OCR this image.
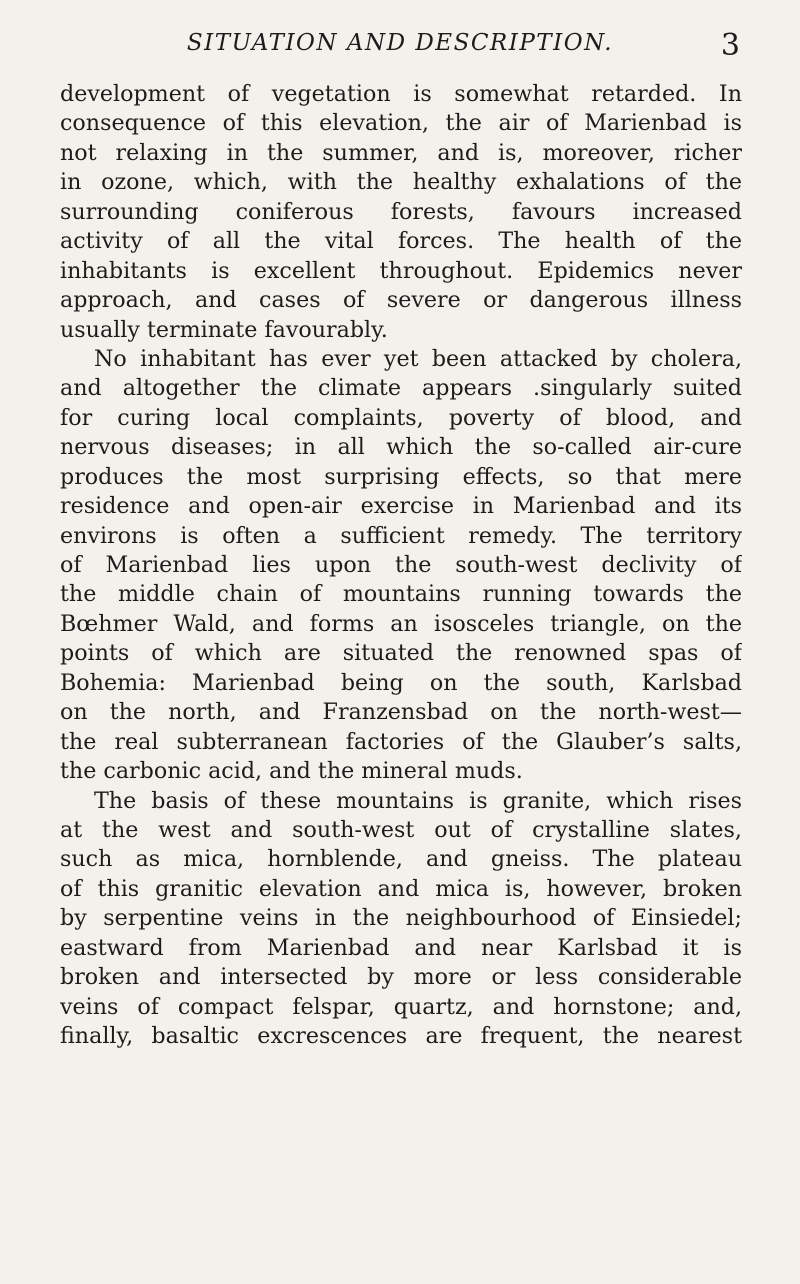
SITUATION AND DESCRIPTION.	3
development of vegetation is somewhat retarded. In
consequence of this elevation, the air of Marienbad is
not relaxing in the summer, and is, moreover, richer
in ozone, which, with the healthy exhalations of the
surrounding coniferous forests, favours increased
activity of all the vital forces. The health of the
inhabitants is excellent throughout. Epidemics never
approach, and cases of severe or dangerous illness
usually terminate favourably.
No inhabitant has ever yet been attacked by cholera,
and altogether the climate appears .singularly suited
for curing local complaints, poverty of blood, and
nervous diseases; in all which the so-called air-cure
produces the most surprising effects, so that mere
residence and open-air exercise in Marienbad and its
environs is often a sufficient remedy. The territory
of Marienbad lies upon the south-west declivity of
the middle chain of mountains running towards the
Bœhmer Wald, and forms an isosceles triangle, on the
points of which are situated the renowned spas of
Bohemia: Marienbad being on the south, Karlsbad
on the north, and Franzensbad on the north-west—
the real subterranean factories of the Glauber’s salts,
the carbonic acid, and the mineral muds.
The basis of these mountains is granite, which rises
at the west and south-west out of crystalline slates,
such as mica, hornblende, and gneiss. The plateau
of this granitic elevation and mica is, however, broken
by serpentine veins in the neighbourhood of Einsiedel;
eastward from Marienbad and near Karlsbad it is
broken and intersected by more or less considerable
veins of compact felspar, quartz, and hornstone; and,
finally, basaltic excrescences are frequent, the nearest
